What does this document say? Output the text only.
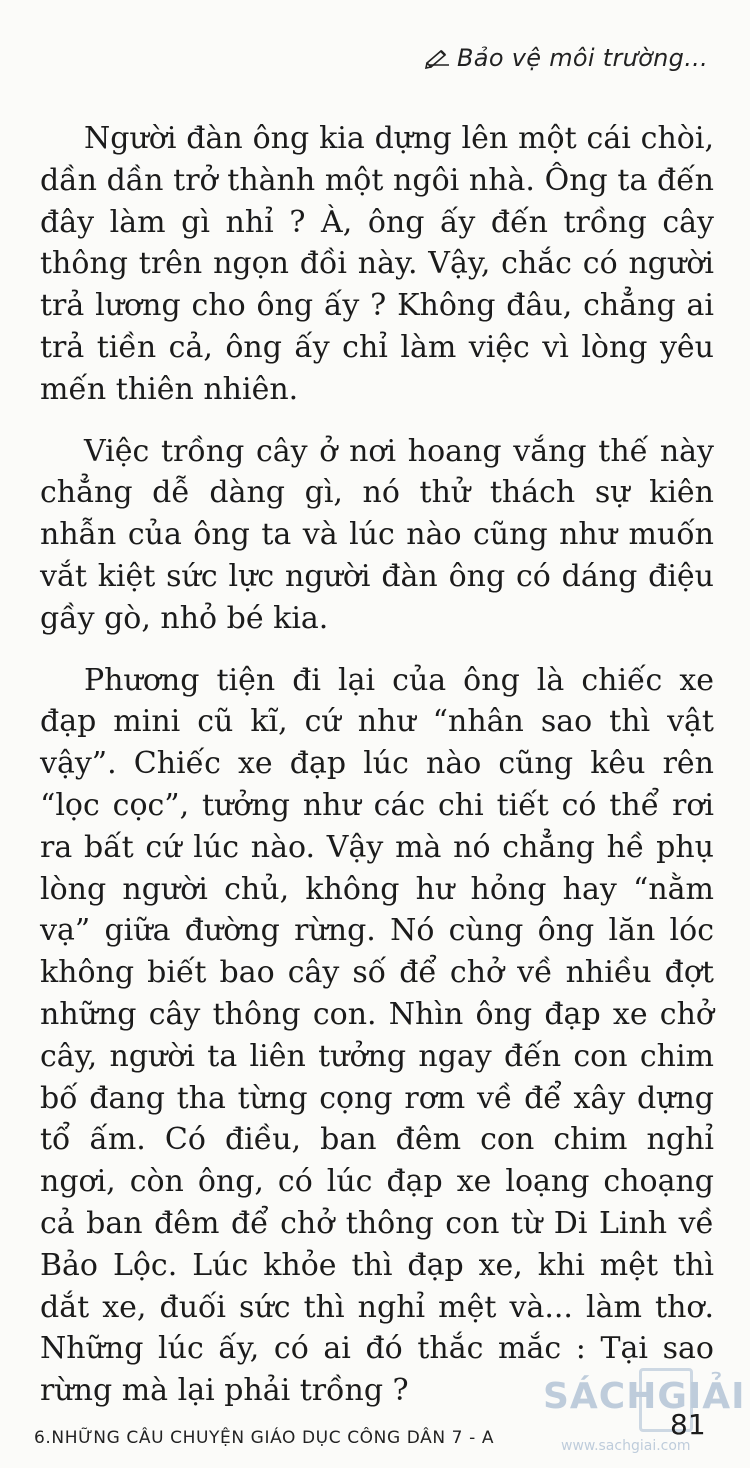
Bảo vệ môi trường...

Người đàn ông kia dựng lên một cái chòi, dần dần trở thành một ngôi nhà. Ông ta đến đây làm gì nhỉ ? À, ông ấy đến trồng cây thông trên ngọn đồi này. Vậy, chắc có người trả lương cho ông ấy ? Không đâu, chẳng ai trả tiền cả, ông ấy chỉ làm việc vì lòng yêu mến thiên nhiên.

Việc trồng cây ở nơi hoang vắng thế này chẳng dễ dàng gì, nó thử thách sự kiên nhẫn của ông ta và lúc nào cũng như muốn vắt kiệt sức lực người đàn ông có dáng điệu gầy gò, nhỏ bé kia.

Phương tiện đi lại của ông là chiếc xe đạp mini cũ kĩ, cứ như “nhân sao thì vật vậy”. Chiếc xe đạp lúc nào cũng kêu rên “lọc cọc”, tưởng như các chi tiết có thể rơi ra bất cứ lúc nào. Vậy mà nó chẳng hề phụ lòng người chủ, không hư hỏng hay “nằm vạ” giữa đường rừng. Nó cùng ông lăn lóc không biết bao cây số để chở về nhiều đợt những cây thông con. Nhìn ông đạp xe chở cây, người ta liên tưởng ngay đến con chim bố đang tha từng cọng rơm về để xây dựng tổ ấm. Có điều, ban đêm con chim nghỉ ngơi, còn ông, có lúc đạp xe loạng choạng cả ban đêm để chở thông con từ Di Linh về Bảo Lộc. Lúc khỏe thì đạp xe, khi mệt thì dắt xe, đuối sức thì nghỉ mệt và... làm thơ. Những lúc ấy, có ai đó thắc mắc : Tại sao rừng mà lại phải trồng ?	SÁCHGIẢI
www.sachgiai.com
6.NHỮNG CÂU CHUYỆN GIÁO DỤC CÔNG DÂN 7 - A	81
